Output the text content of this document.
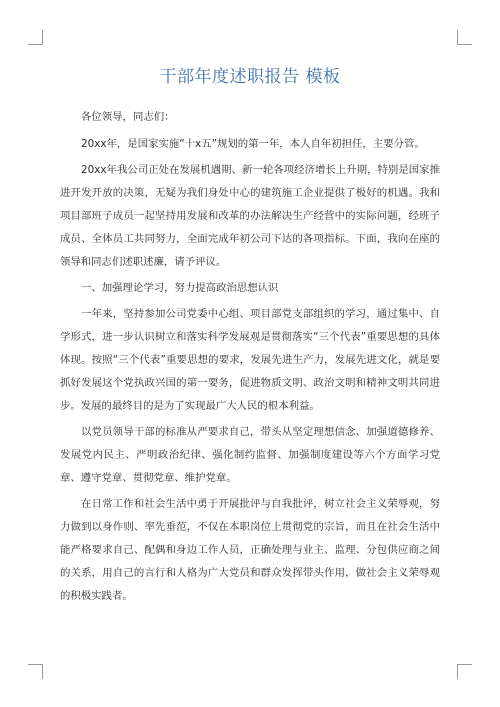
干部年度述职报告 模板

各位领导，同志们：

20xx年，是国家实施“十x五”规划的第一年，本人自年初担任，主要分管。

20xx年我公司正处在发展机遇期、新一轮各项经济增长上升期，特别是国家推进开发开放的决策，无疑为我们身处中心的建筑施工企业提供了极好的机遇。我和项目部班子成员一起坚持用发展和改革的办法解决生产经营中的实际问题，经班子成员、全体员工共同努力，全面完成年初公司下达的各项指标。下面，我向在座的领导和同志们述职述廉，请予评议。

一、加强理论学习，努力提高政治思想认识

一年来，坚持参加公司党委中心组、项目部党支部组织的学习，通过集中、自学形式，进一步认识树立和落实科学发展观是贯彻落实“三个代表”重要思想的具体体现。按照“三个代表”重要思想的要求，发展先进生产力，发展先进文化，就是要抓好发展这个党执政兴国的第一要务，促进物质文明、政治文明和精神文明共同进步。发展的最终目的是为了实现最广大人民的根本利益。

以党员领导干部的标准从严要求自己，带头从坚定理想信念、加强道德修养、发展党内民主、严明政治纪律、强化制约监督、加强制度建设等六个方面学习党章、遵守党章、贯彻党章、维护党章。

在日常工作和社会生活中勇于开展批评与自我批评，树立社会主义荣辱观，努力做到以身作则、率先垂范，不仅在本职岗位上贯彻党的宗旨，而且在社会生活中能严格要求自己、配偶和身边工作人员，正确处理与业主、监理、分包供应商之间的关系，用自己的言行和人格为广大党员和群众发挥带头作用，做社会主义荣辱观的积极实践者。
